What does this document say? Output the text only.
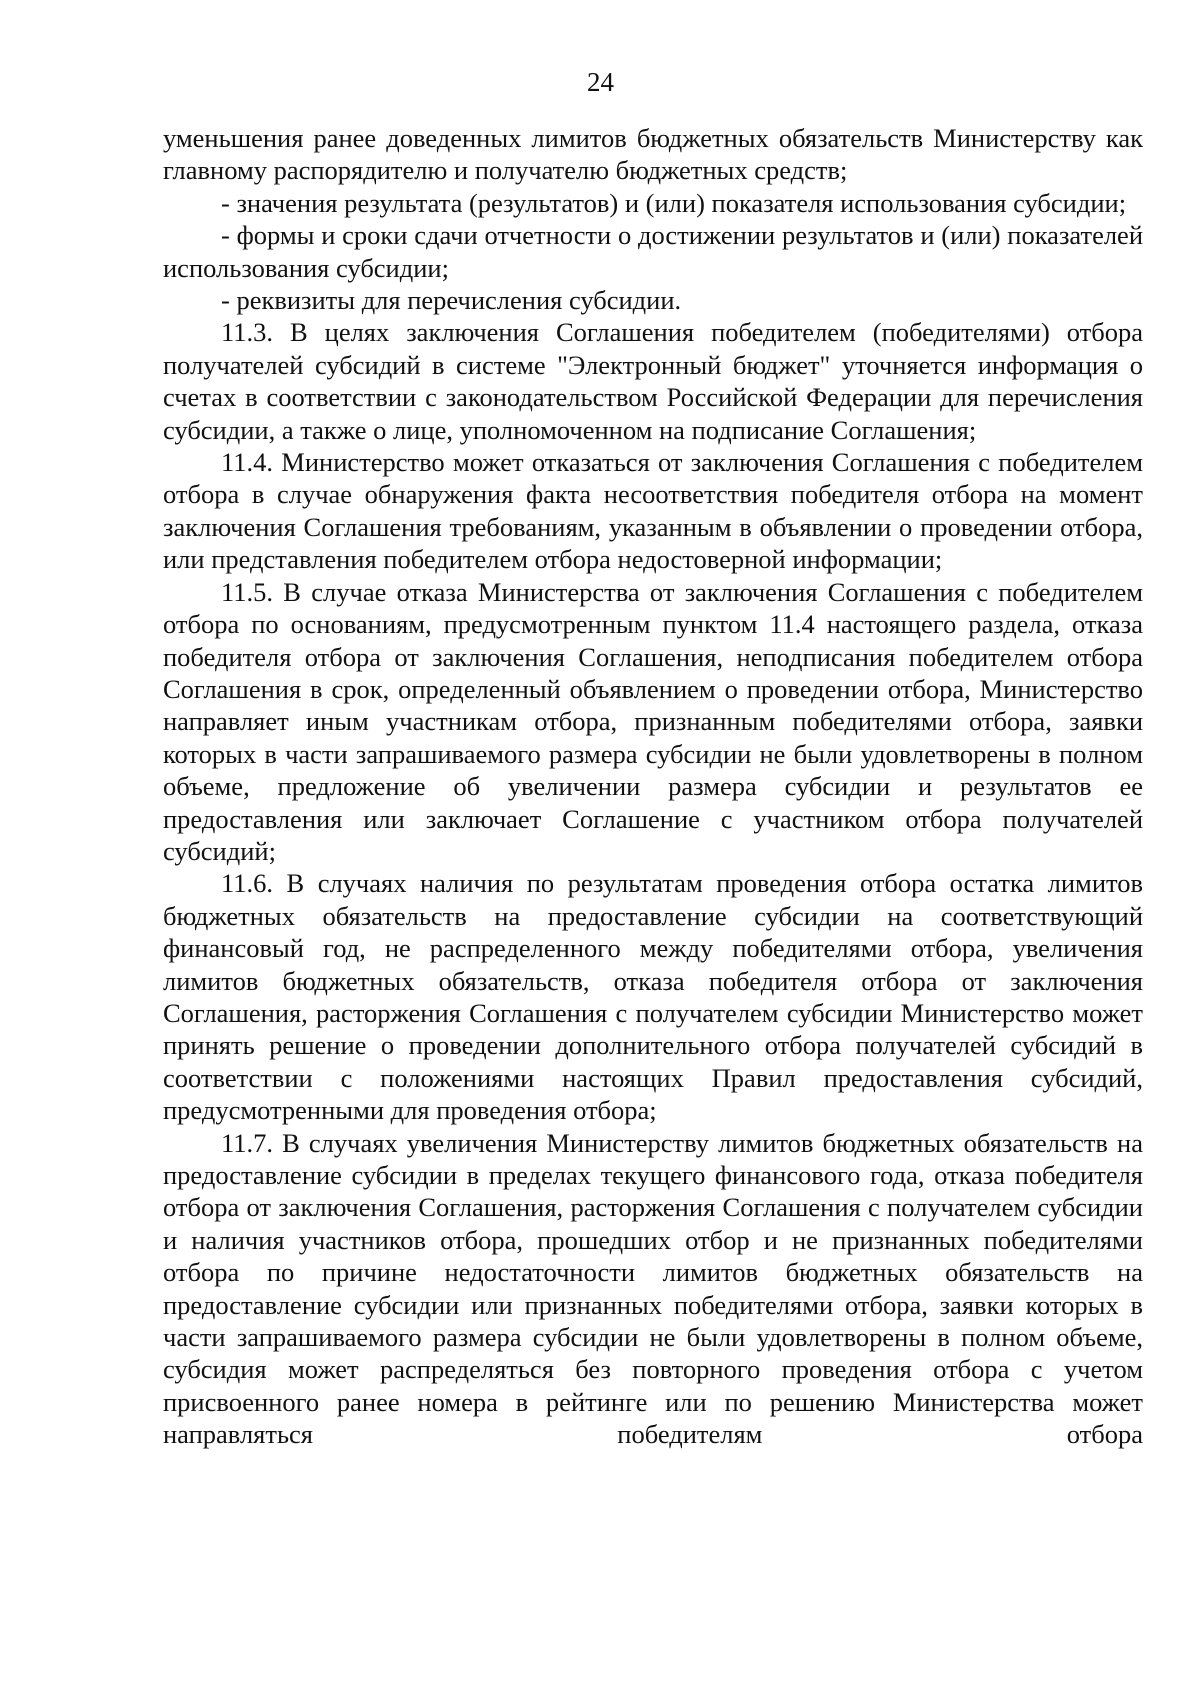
24

уменьшения ранее доведенных лимитов бюджетных обязательств Министерству как главному распорядителю и получателю бюджетных средств;

- значения результата (результатов) и (или) показателя использования субсидии;

- формы и сроки сдачи отчетности о достижении результатов и (или) показателей использования субсидии;

- реквизиты для перечисления субсидии.

11.3. В целях заключения Соглашения победителем (победителями) отбора получателей субсидий в системе "Электронный бюджет" уточняется информация о счетах в соответствии с законодательством Российской Федерации для перечисления субсидии, а также о лице, уполномоченном на подписание Соглашения;

11.4. Министерство может отказаться от заключения Соглашения с победителем отбора в случае обнаружения факта несоответствия победителя отбора на момент заключения Соглашения требованиям, указанным в объявлении о проведении отбора, или представления победителем отбора недостоверной информации;

11.5. В случае отказа Министерства от заключения Соглашения с победителем отбора по основаниям, предусмотренным пунктом 11.4 настоящего раздела, отказа победителя отбора от заключения Соглашения, неподписания победителем отбора Соглашения в срок, определенный объявлением о проведении отбора, Министерство направляет иным участникам отбора, признанным победителями отбора, заявки которых в части запрашиваемого размера субсидии не были удовлетворены в полном объеме, предложение об увеличении размера субсидии и результатов ее предоставления или заключает Соглашение с участником отбора получателей субсидий;

11.6. В случаях наличия по результатам проведения отбора остатка лимитов бюджетных обязательств на предоставление субсидии на соответствующий финансовый год, не распределенного между победителями отбора, увеличения лимитов бюджетных обязательств, отказа победителя отбора от заключения Соглашения, расторжения Соглашения с получателем субсидии Министерство может принять решение о проведении дополнительного отбора получателей субсидий в соответствии с положениями настоящих Правил предоставления субсидий, предусмотренными для проведения отбора;

11.7. В случаях увеличения Министерству лимитов бюджетных обязательств на предоставление субсидии в пределах текущего финансового года, отказа победителя отбора от заключения Соглашения, расторжения Соглашения с получателем субсидии и наличия участников отбора, прошедших отбор и не признанных победителями отбора по причине недостаточности лимитов бюджетных обязательств на предоставление субсидии или признанных победителями отбора, заявки которых в части запрашиваемого размера субсидии не были удовлетворены в полном объеме, субсидия может распределяться без повторного проведения отбора с учетом присвоенного ранее номера в рейтинге или по решению Министерства может направляться победителям отбора
